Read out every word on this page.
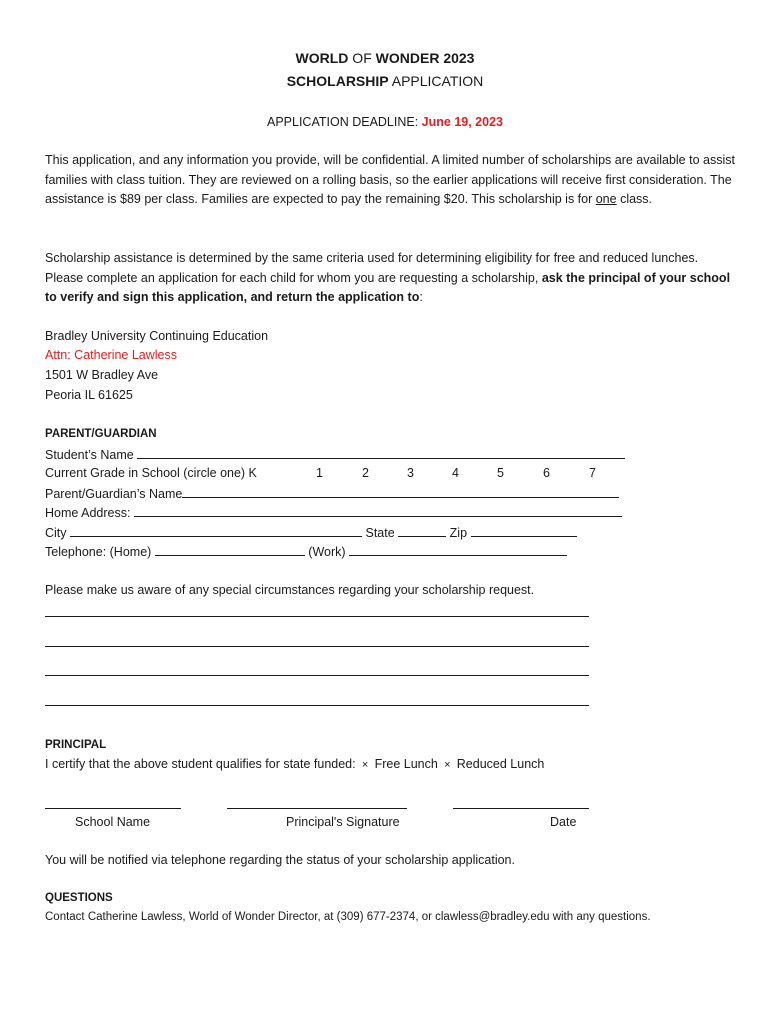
WORLD OF WONDER 2023
SCHOLARSHIP APPLICATION
APPLICATION DEADLINE: June 19, 2023
This application, and any information you provide, will be confidential. A limited number of scholarships are available to assist families with class tuition. They are reviewed on a rolling basis, so the earlier applications will receive first consideration. The assistance is $89 per class. Families are expected to pay the remaining $20. This scholarship is for one class.
Scholarship assistance is determined by the same criteria used for determining eligibility for free and reduced lunches. Please complete an application for each child for whom you are requesting a scholarship, ask the principal of your school to verify and sign this application, and return the application to:
Bradley University Continuing Education
Attn: Catherine Lawless
1501 W Bradley Ave
Peoria IL 61625
PARENT/GUARDIAN
Student’s Name
Current Grade in School (circle one) K	1	2	3	4	5	6	7
Parent/Guardian’s Name
Home Address:
City	State	Zip
Telephone: (Home)	(Work)
Please make us aware of any special circumstances regarding your scholarship request.
PRINCIPAL
I certify that the above student qualifies for state funded: × Free Lunch × Reduced Lunch
School Name	Principal's Signature	Date
You will be notified via telephone regarding the status of your scholarship application.
QUESTIONS
Contact Catherine Lawless, World of Wonder Director, at (309) 677-2374, or clawless@bradley.edu with any questions.
